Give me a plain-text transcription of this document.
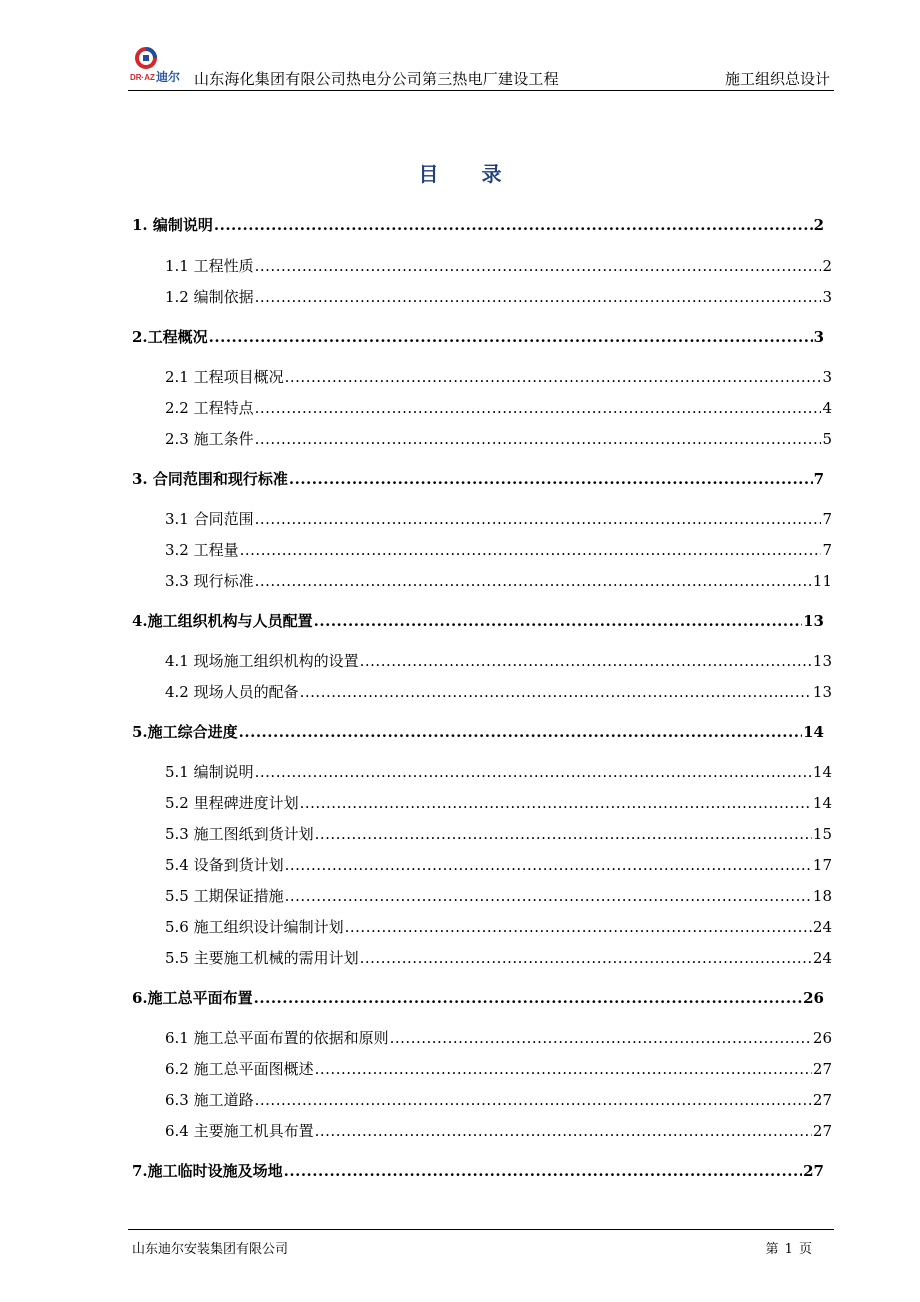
DR·AZ 迪尔 山东海化集团有限公司热电分公司第三热电厂建设工程	施工组织总设计
目 录
1. 编制说明 .....	2
1.1 工程性质 .....	2
1.2 编制依据 .....	3
2.工程概况 .....	3
2.1 工程项目概况 .....	3
2.2 工程特点 .....	4
2.3 施工条件 .....	5
3. 合同范围和现行标准 .....	7
3.1 合同范围 .....	7
3.2 工程量 .....	7
3.3 现行标准 .....	11
4.施工组织机构与人员配置 .....	13
4.1 现场施工组织机构的设置 .....	13
4.2 现场人员的配备 .....	13
5.施工综合进度 .....	14
5.1 编制说明 .....	14
5.2 里程碑进度计划 .....	14
5.3 施工图纸到货计划 .....	15
5.4 设备到货计划 .....	17
5.5 工期保证措施 .....	18
5.6 施工组织设计编制计划 .....	24
5.5 主要施工机械的需用计划 .....	24
6.施工总平面布置 .....	26
6.1 施工总平面布置的依据和原则 .....	26
6.2 施工总平面图概述 .....	27
6.3 施工道路 .....	27
6.4 主要施工机具布置 .....	27
7.施工临时设施及场地 .....	27
山东迪尔安装集团有限公司	第 1 页
